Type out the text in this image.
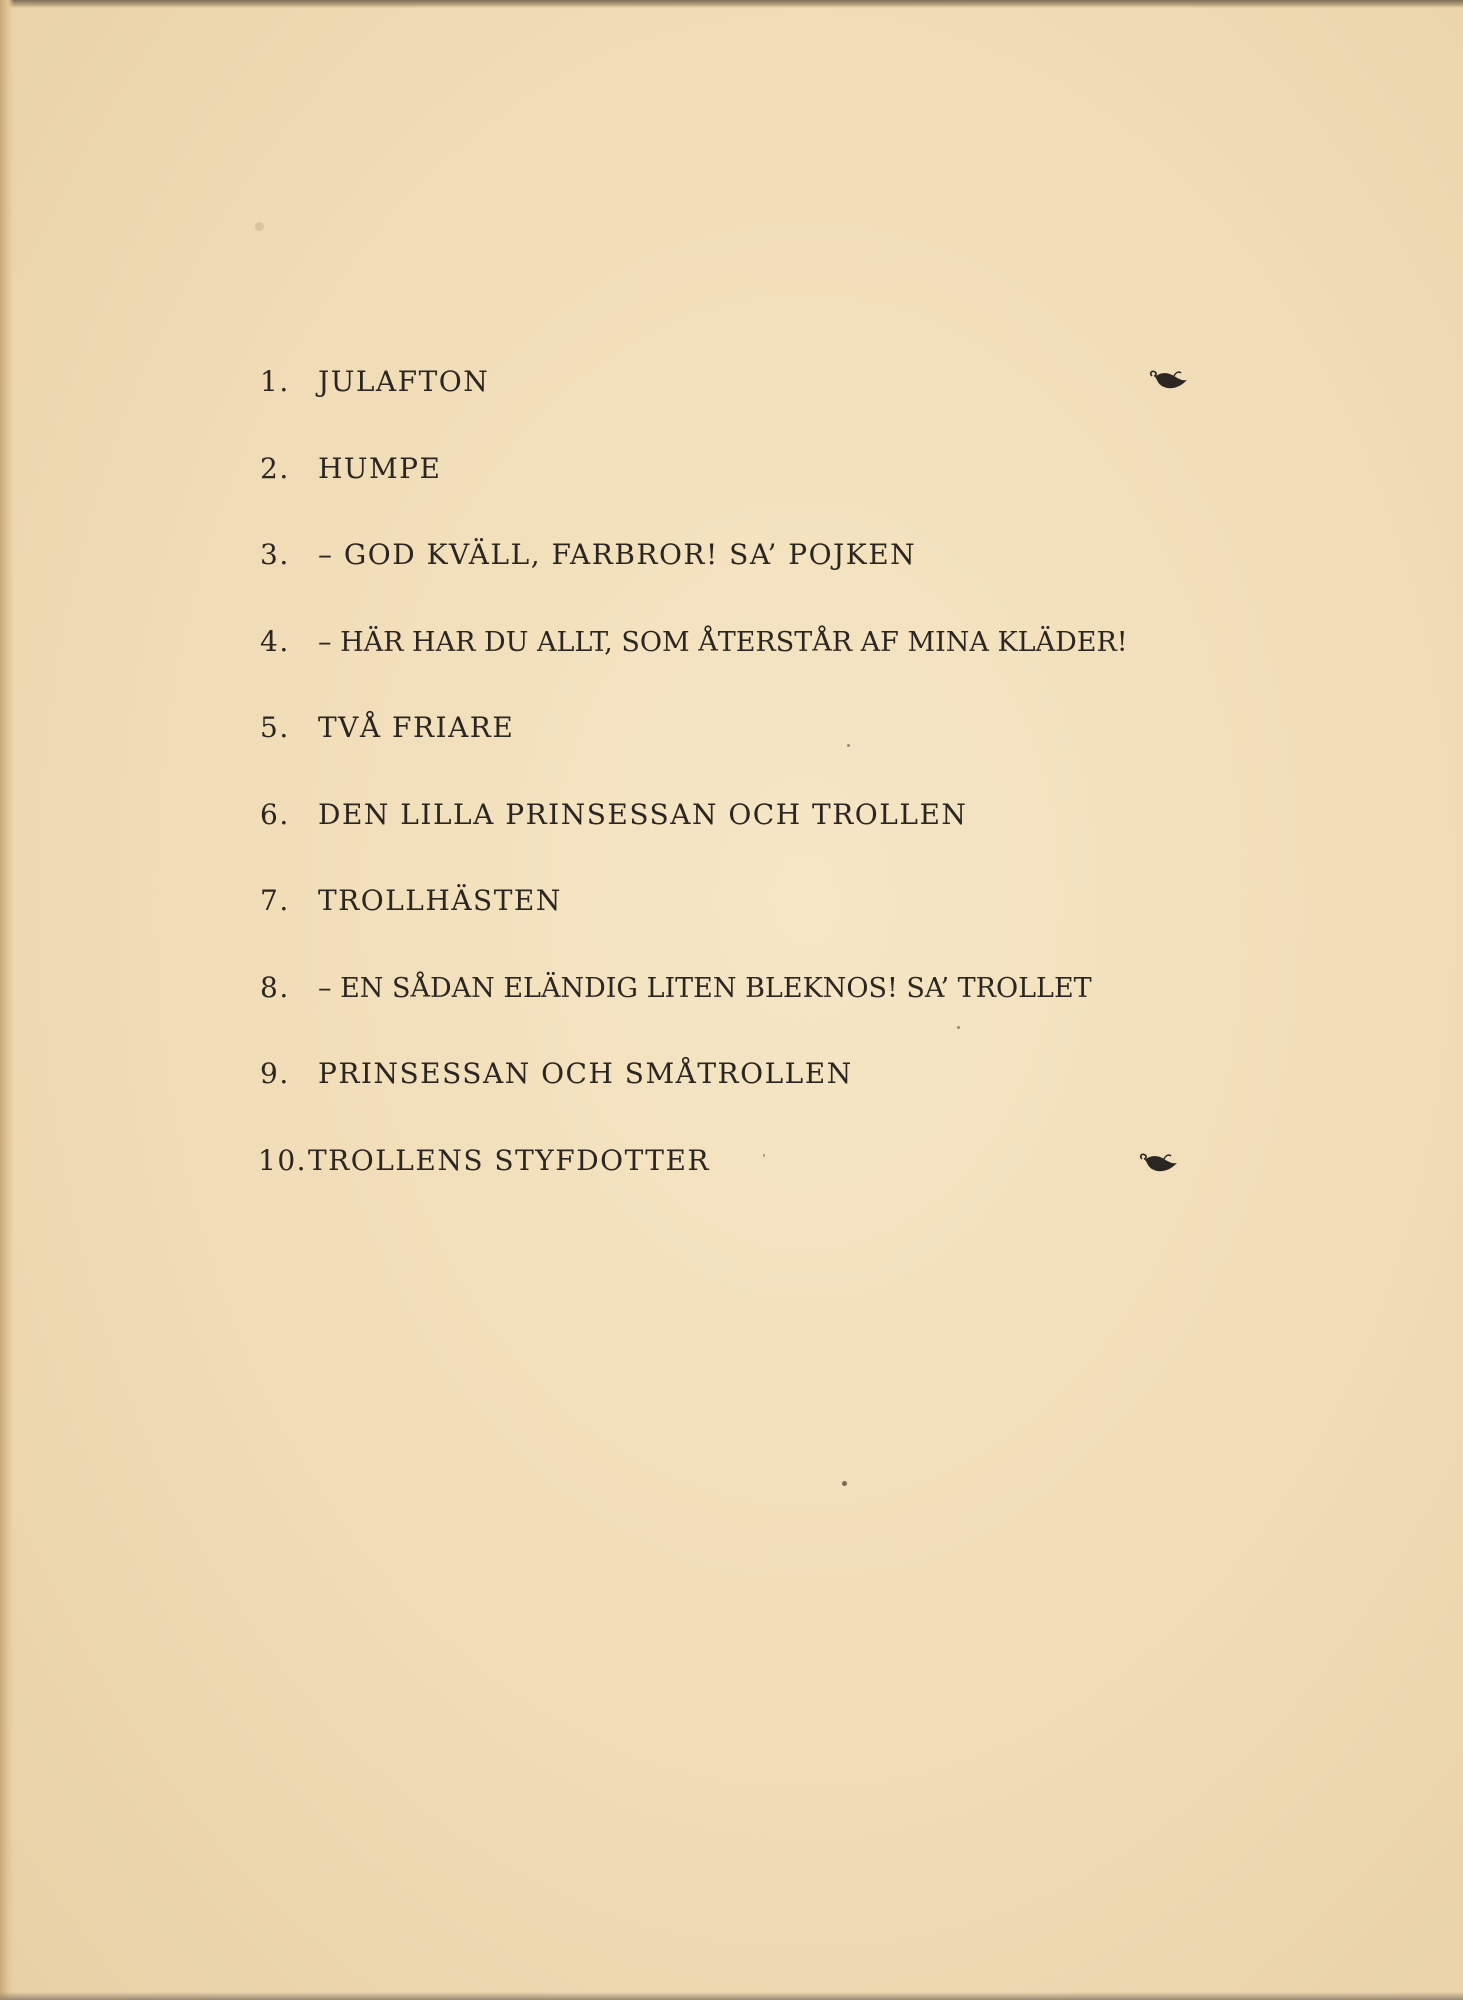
1.	JULAFTON
2.	HUMPE
3.	– GOD KVÄLL, FARBROR! SA’ POJKEN
4.	– HÄR HAR DU ALLT, SOM ÅTERSTÅR AF MINA KLÄDER!
5.	TVÅ FRIARE
6.	DEN LILLA PRINSESSAN OCH TROLLEN
7.	TROLLHÄSTEN
8.	– EN SÅDAN ELÄNDIG LITEN BLEKNOS! SA’ TROLLET
9.	PRINSESSAN OCH SMÅTROLLEN
10. TROLLENS STYFDOTTER
